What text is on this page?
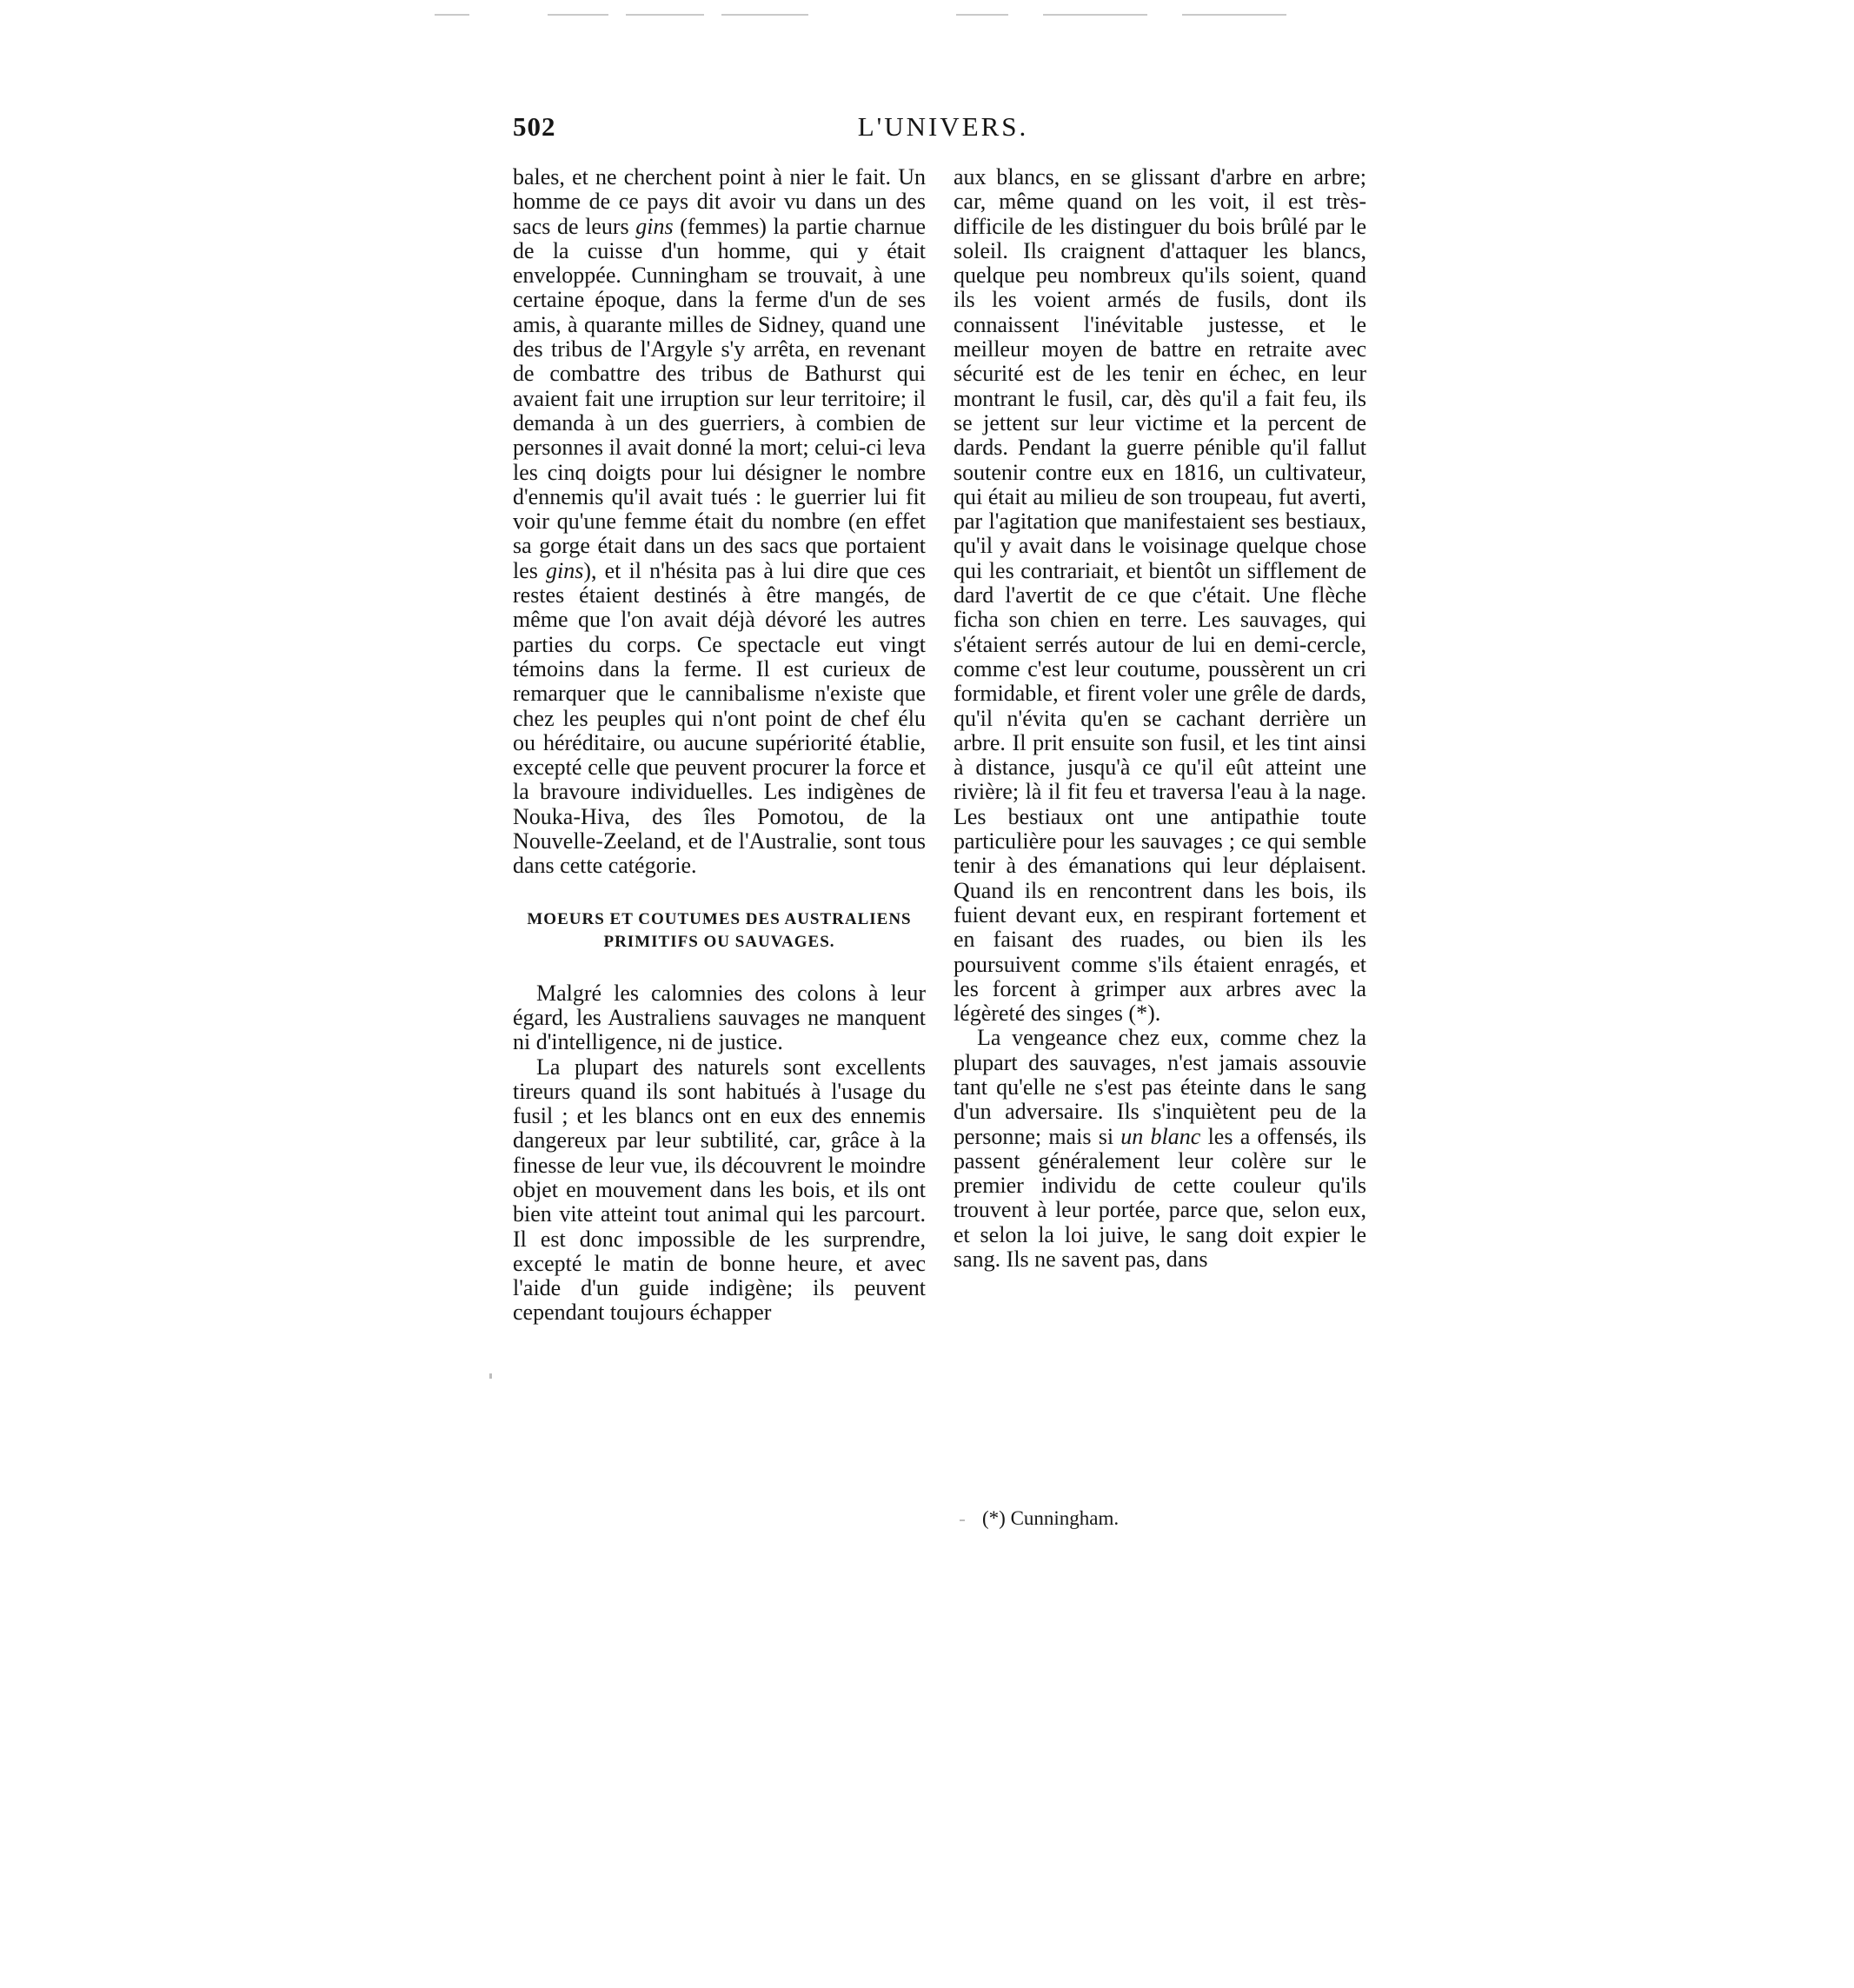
502	L'UNIVERS.

bales, et ne cherchent point à nier le fait. Un homme de ce pays dit avoir vu dans un des sacs de leurs gins (femmes) la partie charnue de la cuisse d'un homme, qui y était enveloppée. Cunningham se trouvait, à une certaine époque, dans la ferme d'un de ses amis, à quarante milles de Sidney, quand une des tribus de l'Argyle s'y arrêta, en revenant de combattre des tribus de Bathurst qui avaient fait une irruption sur leur territoire; il demanda à un des guerriers, à combien de personnes il avait donné la mort; celui-ci leva les cinq doigts pour lui désigner le nombre d'ennemis qu'il avait tués : le guerrier lui fit voir qu'une femme était du nombre (en effet sa gorge était dans un des sacs que portaient les gins), et il n'hésita pas à lui dire que ces restes étaient destinés à être mangés, de même que l'on avait déjà dévoré les autres parties du corps. Ce spectacle eut vingt témoins dans la ferme. Il est curieux de remarquer que le cannibalisme n'existe que chez les peuples qui n'ont point de chef élu ou héréditaire, ou aucune supériorité établie, excepté celle que peuvent procurer la force et la bravoure individuelles. Les indigènes de Nouka-Hiva, des îles Pomotou, de la Nouvelle-Zeeland, et de l'Australie, sont tous dans cette catégorie.

MOEURS ET COUTUMES DES AUSTRALIENS
PRIMITIFS OU SAUVAGES.

Malgré les calomnies des colons à leur égard, les Australiens sauvages ne manquent ni d'intelligence, ni de justice.

La plupart des naturels sont excellents tireurs quand ils sont habitués à l'usage du fusil ; et les blancs ont en eux des ennemis dangereux par leur subtilité, car, grâce à la finesse de leur vue, ils découvrent le moindre objet en mouvement dans les bois, et ils ont bien vite atteint tout animal qui les parcourt. Il est donc impossible de les surprendre, excepté le matin de bonne heure, et avec l'aide d'un guide indigène; ils peuvent cependant toujours échapper

aux blancs, en se glissant d'arbre en arbre; car, même quand on les voit, il est très-difficile de les distinguer du bois brûlé par le soleil. Ils craignent d'attaquer les blancs, quelque peu nombreux qu'ils soient, quand ils les voient armés de fusils, dont ils connaissent l'inévitable justesse, et le meilleur moyen de battre en retraite avec sécurité est de les tenir en échec, en leur montrant le fusil, car, dès qu'il a fait feu, ils se jettent sur leur victime et la percent de dards. Pendant la guerre pénible qu'il fallut soutenir contre eux en 1816, un cultivateur, qui était au milieu de son troupeau, fut averti, par l'agitation que manifestaient ses bestiaux, qu'il y avait dans le voisinage quelque chose qui les contrariait, et bientôt un sifflement de dard l'avertit de ce que c'était. Une flèche ficha son chien en terre. Les sauvages, qui s'étaient serrés autour de lui en demi-cercle, comme c'est leur coutume, poussèrent un cri formidable, et firent voler une grêle de dards, qu'il n'évita qu'en se cachant derrière un arbre. Il prit ensuite son fusil, et les tint ainsi à distance, jusqu'à ce qu'il eût atteint une rivière; là il fit feu et traversa l'eau à la nage. Les bestiaux ont une antipathie toute particulière pour les sauvages ; ce qui semble tenir à des émanations qui leur déplaisent. Quand ils en rencontrent dans les bois, ils fuient devant eux, en respirant fortement et en faisant des ruades, ou bien ils les poursuivent comme s'ils étaient enragés, et les forcent à grimper aux arbres avec la légèreté des singes (*).

La vengeance chez eux, comme chez la plupart des sauvages, n'est jamais assouvie tant qu'elle ne s'est pas éteinte dans le sang d'un adversaire. Ils s'inquiètent peu de la personne; mais si un blanc les a offensés, ils passent généralement leur colère sur le premier individu de cette couleur qu'ils trouvent à leur portée, parce que, selon eux, et selon la loi juive, le sang doit expier le sang. Ils ne savent pas, dans

(*) Cunningham.
